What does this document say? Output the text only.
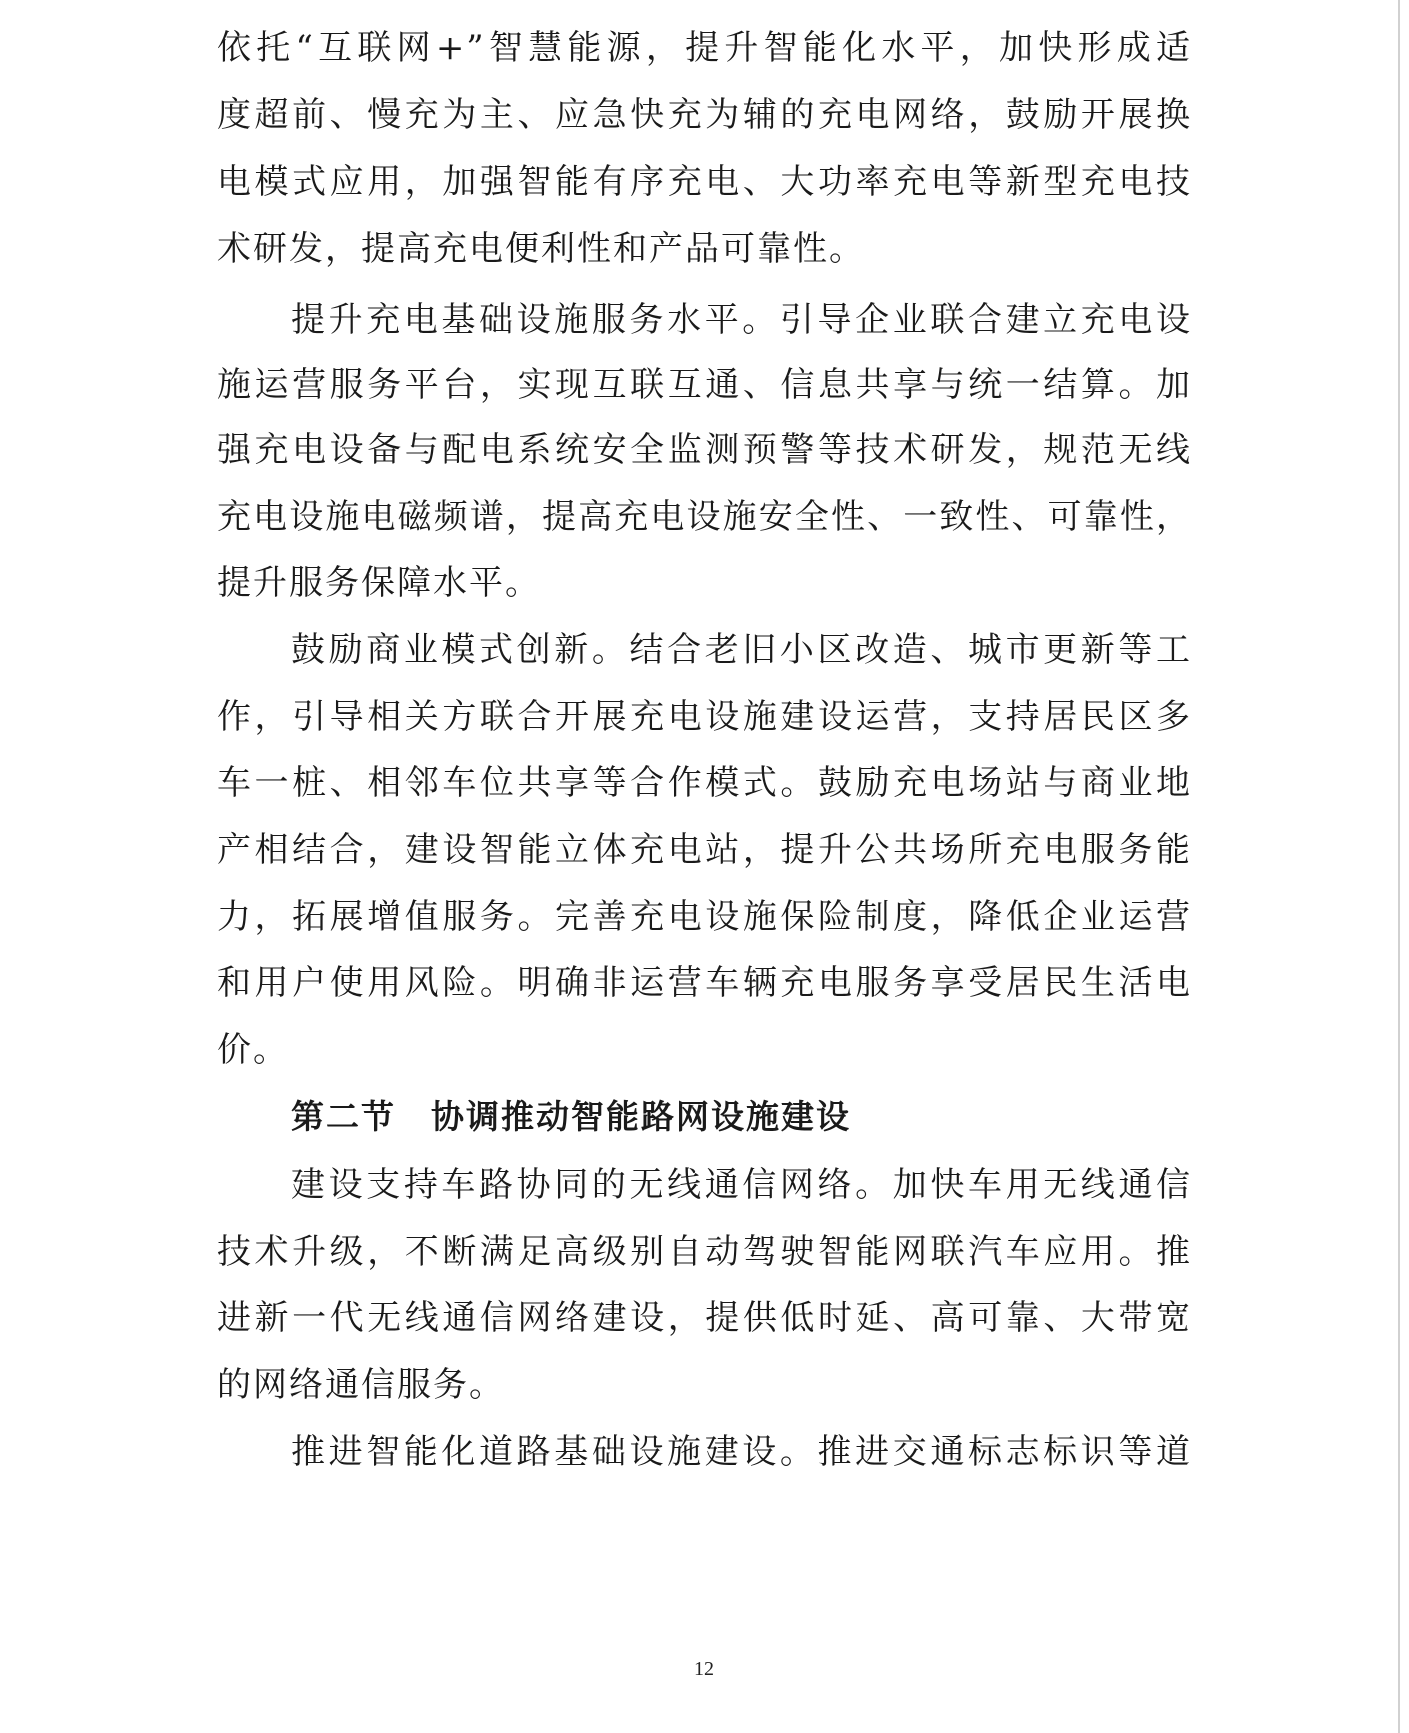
依托“互联网+”智慧能源，提升智能化水平，加快形成适
度超前、慢充为主、应急快充为辅的充电网络，鼓励开展换
电模式应用，加强智能有序充电、大功率充电等新型充电技
术研发，提高充电便利性和产品可靠性。
提升充电基础设施服务水平。引导企业联合建立充电设
施运营服务平台，实现互联互通、信息共享与统一结算。加
强充电设备与配电系统安全监测预警等技术研发，规范无线
充电设施电磁频谱，提高充电设施安全性、一致性、可靠性，
提升服务保障水平。
鼓励商业模式创新。结合老旧小区改造、城市更新等工
作，引导相关方联合开展充电设施建设运营，支持居民区多
车一桩、相邻车位共享等合作模式。鼓励充电场站与商业地
产相结合，建设智能立体充电站，提升公共场所充电服务能
力，拓展增值服务。完善充电设施保险制度，降低企业运营
和用户使用风险。明确非运营车辆充电服务享受居民生活电
价。
第二节　协调推动智能路网设施建设
建设支持车路协同的无线通信网络。加快车用无线通信
技术升级，不断满足高级别自动驾驶智能网联汽车应用。推
进新一代无线通信网络建设，提供低时延、高可靠、大带宽
的网络通信服务。
推进智能化道路基础设施建设。推进交通标志标识等道
12
